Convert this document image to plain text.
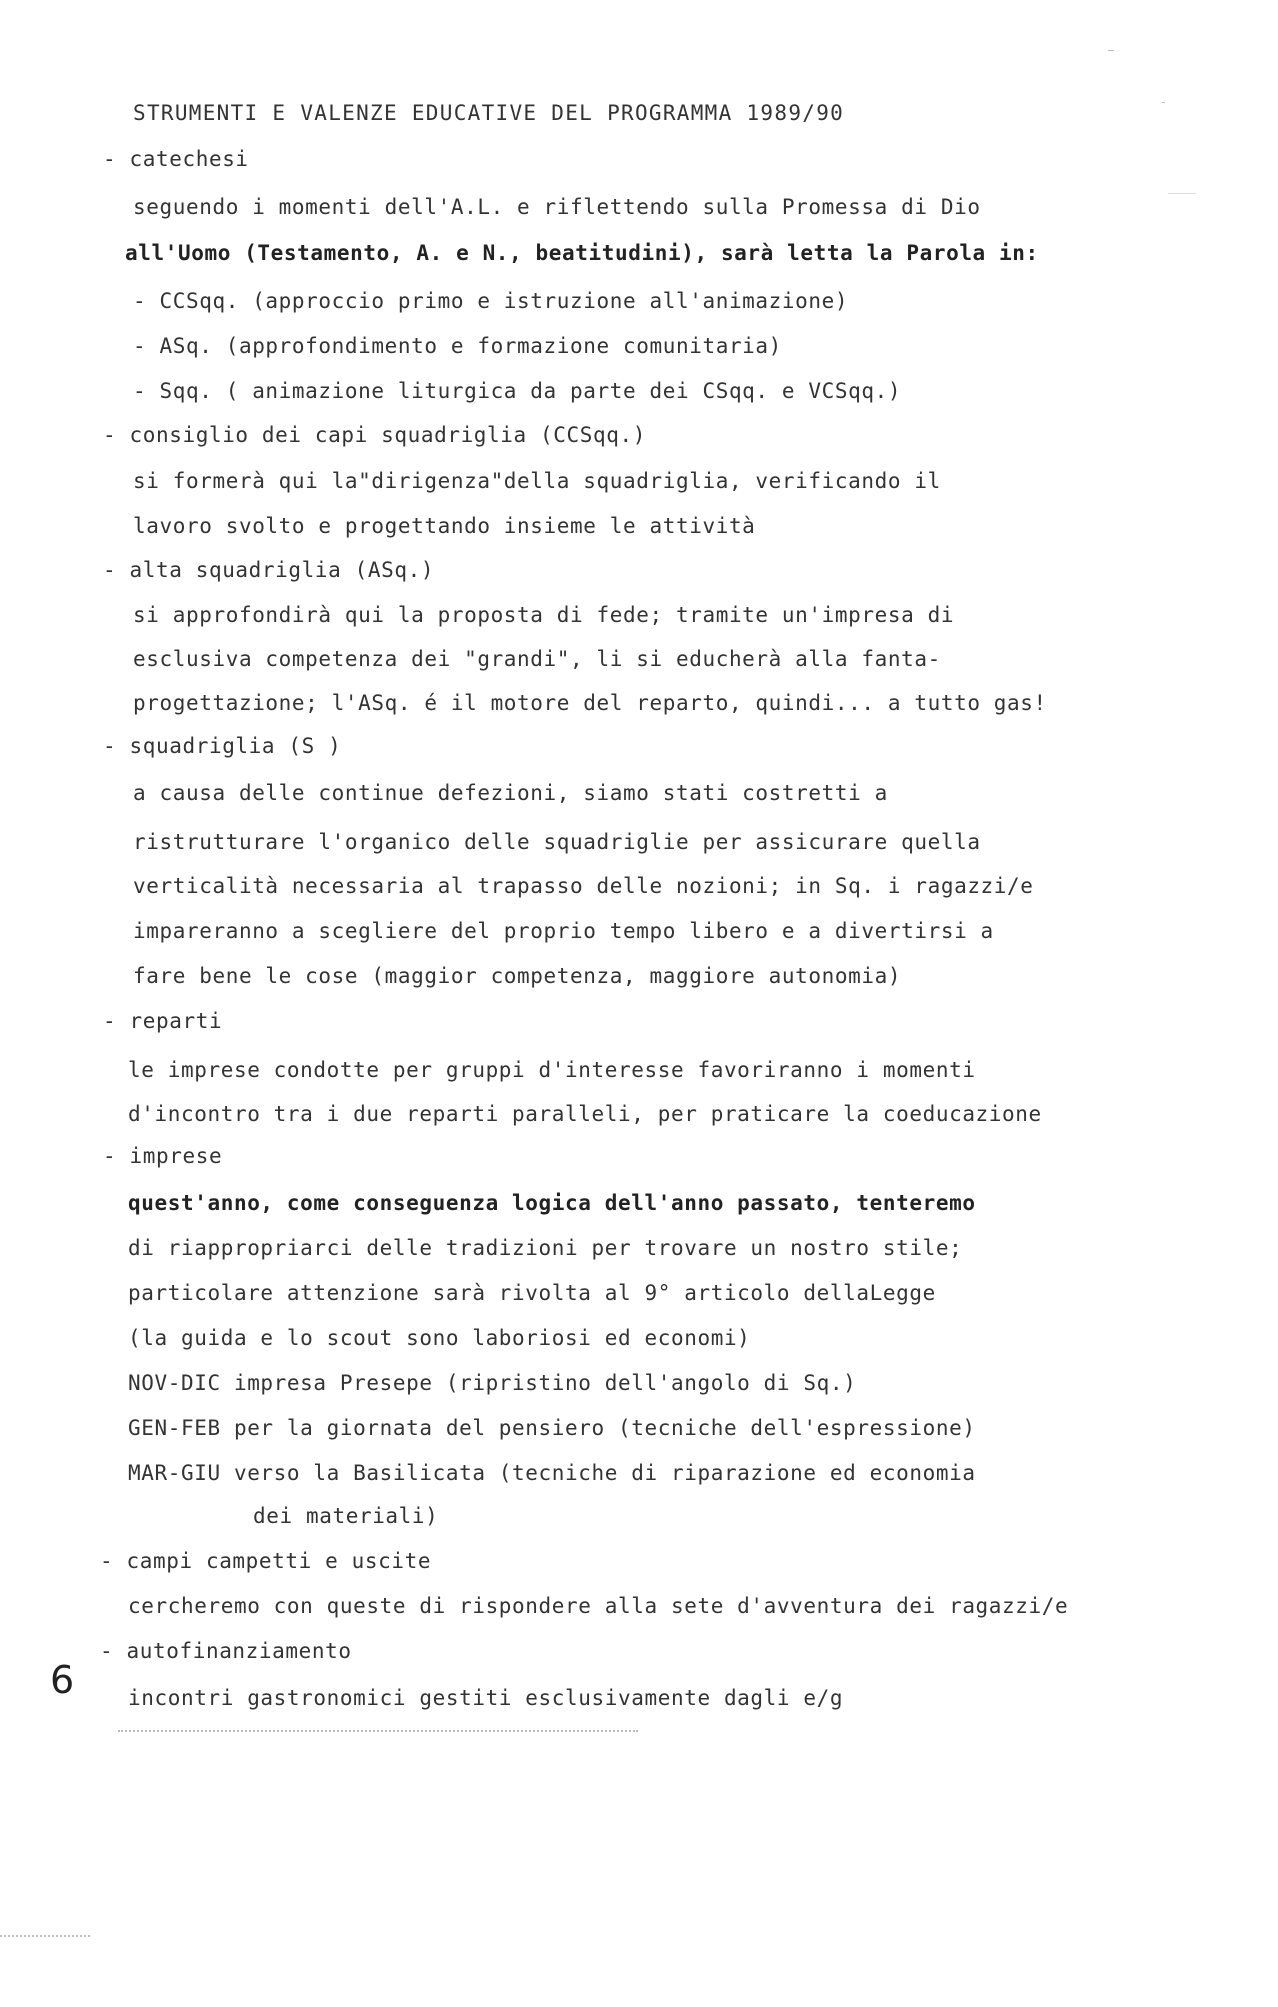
STRUMENTI E VALENZE EDUCATIVE DEL PROGRAMMA 1989/90
- catechesi
seguendo i momenti dell'A.L. e riflettendo sulla Promessa di Dio
all'Uomo (Testamento, A. e N., beatitudini), sarà letta la Parola in:
- CCSqq. (approccio primo e istruzione all'animazione)
- ASq. (approfondimento e formazione comunitaria)
- Sqq. ( animazione liturgica da parte dei CSqq. e VCSqq.)
- consiglio dei capi squadriglia (CCSqq.)
si formerà qui la"dirigenza"della squadriglia, verificando il
lavoro svolto e progettando insieme le attività
- alta squadriglia (ASq.)
si approfondirà qui la proposta di fede; tramite un'impresa di
esclusiva competenza dei "grandi", li si educherà alla fanta-
progettazione; l'ASq. é il motore del reparto, quindi... a tutto gas!
- squadriglia (S )
a causa delle continue defezioni, siamo stati costretti a
ristrutturare l'organico delle squadriglie per assicurare quella
verticalità necessaria al trapasso delle nozioni; in Sq. i ragazzi/e
impareranno a scegliere del proprio tempo libero e a divertirsi a
fare bene le cose (maggior competenza, maggiore autonomia)
- reparti
le imprese condotte per gruppi d'interesse favoriranno i momenti
d'incontro tra i due reparti paralleli, per praticare la coeducazione
- imprese
quest'anno, come conseguenza logica dell'anno passato, tenteremo
di riappropriarci delle tradizioni per trovare un nostro stile;
particolare attenzione sarà rivolta al 9° articolo dellaLegge
(la guida e lo scout sono laboriosi ed economi)
NOV-DIC impresa Presepe (ripristino dell'angolo di Sq.)
GEN-FEB per la giornata del pensiero (tecniche dell'espressione)
MAR-GIU verso la Basilicata (tecniche di riparazione ed economia
dei materiali)
- campi campetti e uscite
cercheremo con queste di rispondere alla sete d'avventura dei ragazzi/e
- autofinanziamento
6	incontri gastronomici gestiti esclusivamente dagli e/g
